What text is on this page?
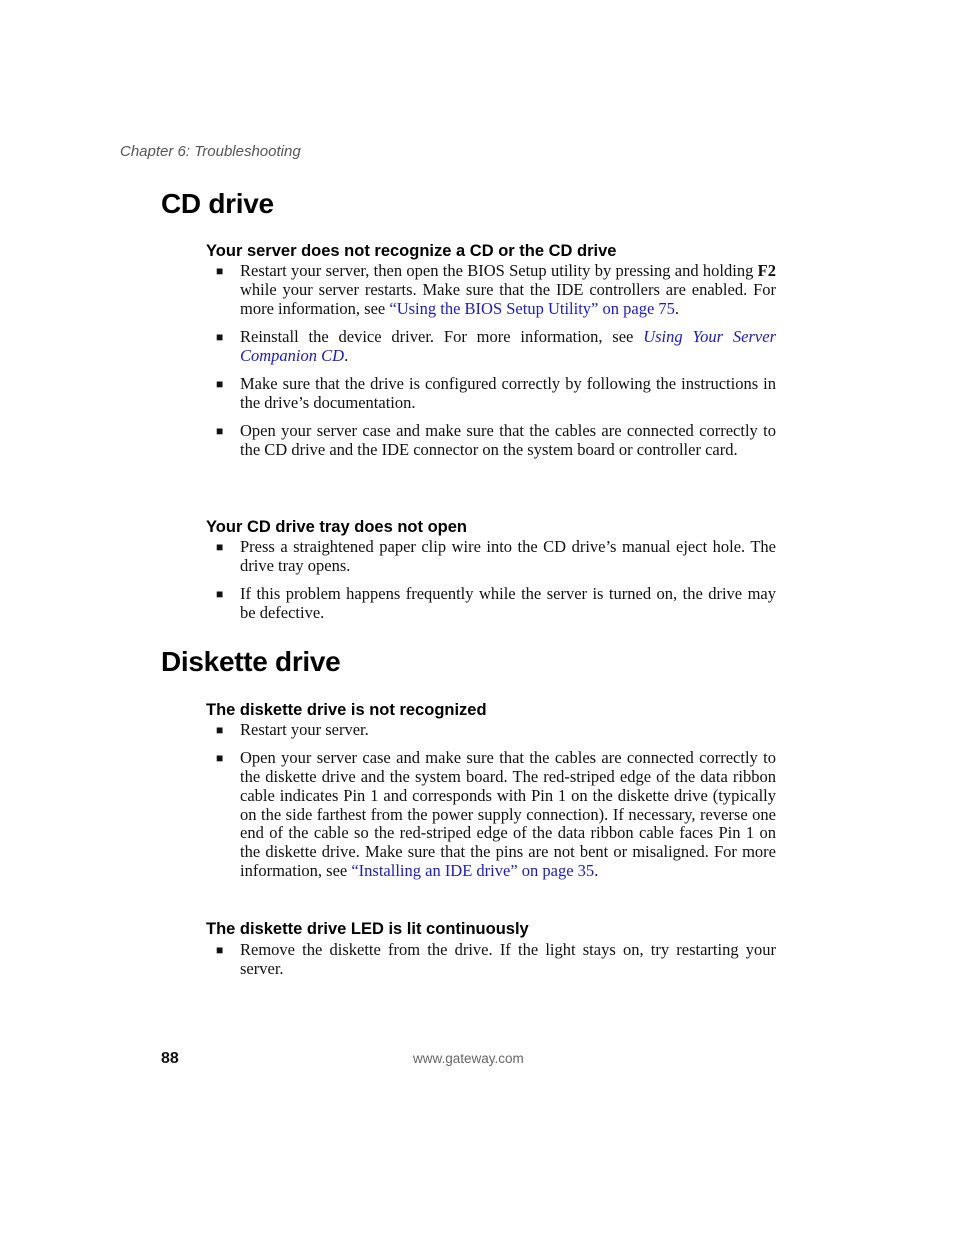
Chapter 6: Troubleshooting
CD drive
Your server does not recognize a CD or the CD drive
■ Restart your server, then open the BIOS Setup utility by pressing and holding F2 while your server restarts. Make sure that the IDE controllers are enabled. For more information, see “Using the BIOS Setup Utility” on page 75.
■ Reinstall the device driver. For more information, see Using Your Server Companion CD.
■ Make sure that the drive is configured correctly by following the instructions in the drive’s documentation.
■ Open your server case and make sure that the cables are connected correctly to the CD drive and the IDE connector on the system board or controller card.
Your CD drive tray does not open
■ Press a straightened paper clip wire into the CD drive’s manual eject hole. The drive tray opens.
■ If this problem happens frequently while the server is turned on, the drive may be defective.
Diskette drive
The diskette drive is not recognized
■ Restart your server.
■ Open your server case and make sure that the cables are connected correctly to the diskette drive and the system board. The red-striped edge of the data ribbon cable indicates Pin 1 and corresponds with Pin 1 on the diskette drive (typically on the side farthest from the power supply connection). If necessary, reverse one end of the cable so the red-striped edge of the data ribbon cable faces Pin 1 on the diskette drive. Make sure that the pins are not bent or misaligned. For more information, see “Installing an IDE drive” on page 35.
The diskette drive LED is lit continuously
■ Remove the diskette from the drive. If the light stays on, try restarting your server.
88	www.gateway.com
